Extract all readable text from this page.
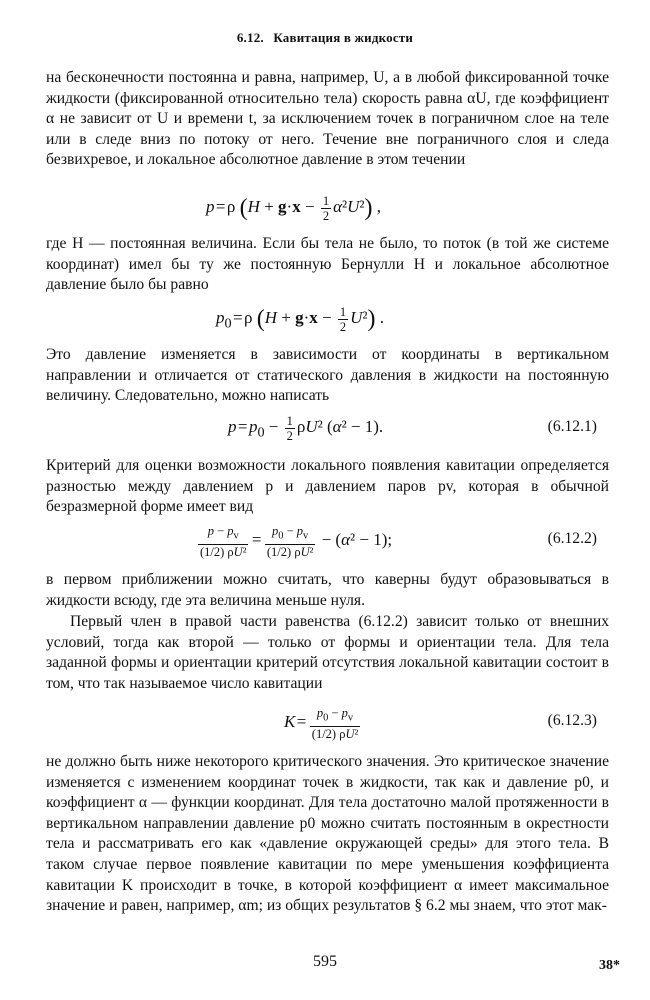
6.12. Кавитация в жидкости

на бесконечности постоянна и равна, например, U, а в любой фиксированной точке жидкости (фиксированной относительно тела) скорость равна αU, где коэффициент α не зависит от U и времени t, за исключением точек в пограничном слое на теле или в следе вниз по потоку от него. Течение вне пограничного слоя и следа безвихревое, и локальное абсолютное давление в этом течении

p = ρ $(H + g\cdot x - \frac{1}{2} \alpha^2U^2)$ ,

где H — постоянная величина. Если бы тела не было, то поток (в той же системе координат) имел бы ту же постоянную Бернулли H и локальное абсолютное давление было бы равно

$p_0$ = ρ $(H + g\cdot x - \frac{1}{2} U^2)$ .

Это давление изменяется в зависимости от координаты в вертикальном направлении и отличается от статического давления в жидкости на постоянную величину. Следовательно, можно написать

p = $p_0 - \frac{1}{2} \rho U^2$ (α² − 1).	(6.12.1)

Критерий для оценки возможности локального появления кавитации определяется разностью между давлением p и давлением паров pv, которая в обычной безразмерной форме имеет вид

$\frac{p - p_v}{\text{(1/2) ρU²}}$  =  $\frac{p_0 - p_v}{\text{(1/2) ρU²}} - (\alpha^2 - 1)$;	(6.12.2)

в первом приближении можно считать, что каверны будут образовываться в жидкости всюду, где эта величина меньше нуля.

Первый член в правой части равенства (6.12.2) зависит только от внешних условий, тогда как второй — только от формы и ориентации тела. Для тела заданной формы и ориентации критерий отсутствия локальной кавитации состоит в том, что так называемое число кавитации

K =  $\frac{p_0 - p_v}{\text{(1/2) ρU²}}$	(6.12.3)

не должно быть ниже некоторого критического значения. Это критическое значение изменяется с изменением координат точек в жидкости, так как и давление p0, и коэффициент α — функции координат. Для тела достаточно малой протяженности в вертикальном направлении давление p0 можно считать постоянным в окрестности тела и рассматривать его как «давление окружающей среды» для этого тела. В таком случае первое появление кавитации по мере уменьшения коэффициента кавитации K происходит в точке, в которой коэффициент α имеет максимальное значение и равен, например, αm; из общих результатов § 6.2 мы знаем, что этот мак-

595	38*
